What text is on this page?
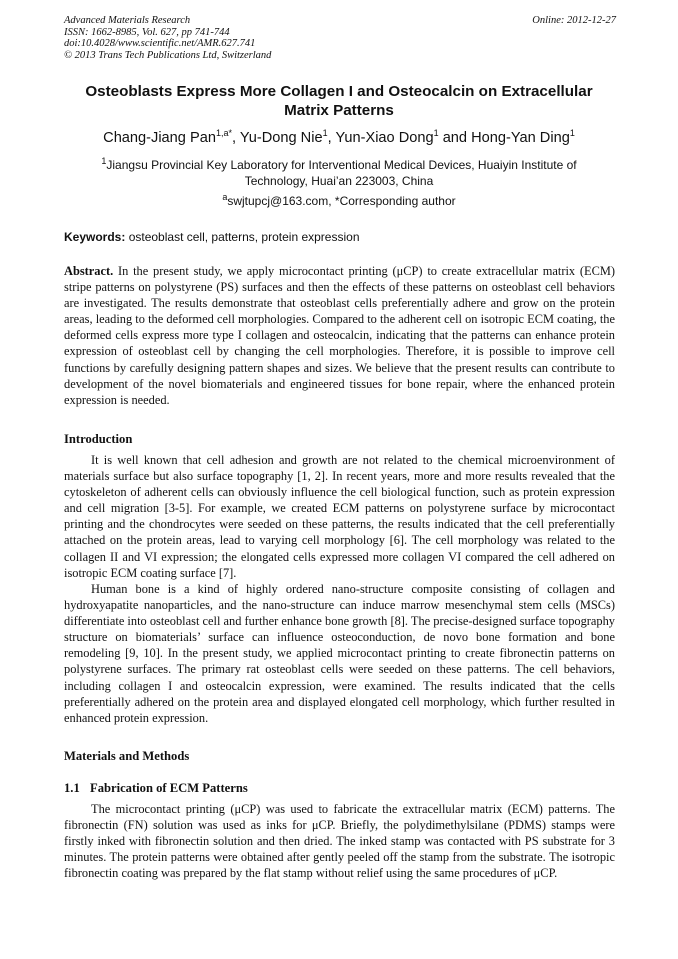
Advanced Materials Research
ISSN: 1662-8985, Vol. 627, pp 741-744
doi:10.4028/www.scientific.net/AMR.627.741
© 2013 Trans Tech Publications Ltd, Switzerland
Online: 2012-12-27
Osteoblasts Express More Collagen I and Osteocalcin on Extracellular
Matrix Patterns
Chang-Jiang Pan$^{1,a*}$, Yu-Dong Nie$^1$, Yun-Xiao Dong$^1$ and Hong-Yan Ding$^1$
$^1$Jiangsu Provincial Key Laboratory for Interventional Medical Devices, Huaiyin Institute of
Technology, Huai’an 223003, China
$^a$swjtupcj@163.com, *Corresponding author
Keywords: osteoblast cell, patterns, protein expression
Abstract. In the present study, we apply microcontact printing (μCP) to create extracellular matrix (ECM) stripe patterns on polystyrene (PS) surfaces and then the effects of these patterns on osteoblast cell behaviors are investigated. The results demonstrate that osteoblast cells preferentially adhere and grow on the protein areas, leading to the deformed cell morphologies. Compared to the adherent cell on isotropic ECM coating, the deformed cells express more type I collagen and osteocalcin, indicating that the patterns can enhance protein expression of osteoblast cell by changing the cell morphologies. Therefore, it is possible to improve cell functions by carefully designing pattern shapes and sizes. We believe that the present results can contribute to development of the novel biomaterials and engineered tissues for bone repair, where the enhanced protein expression is needed.
Introduction
It is well known that cell adhesion and growth are not related to the chemical microenvironment of materials surface but also surface topography [1, 2]. In recent years, more and more results revealed that the cytoskeleton of adherent cells can obviously influence the cell biological function, such as protein expression and cell migration [3-5]. For example, we created ECM patterns on polystyrene surface by microcontact printing and the chondrocytes were seeded on these patterns, the results indicated that the cell preferentially attached on the protein areas, lead to varying cell morphology [6]. The cell morphology was related to the collagen II and VI expression; the elongated cells expressed more collagen VI compared the cell adhered on isotropic ECM coating surface [7].
Human bone is a kind of highly ordered nano-structure composite consisting of collagen and hydroxyapatite nanoparticles, and the nano-structure can induce marrow mesenchymal stem cells (MSCs) differentiate into osteoblast cell and further enhance bone growth [8]. The precise-designed surface topography structure on biomaterials’ surface can influence osteoconduction, de novo bone formation and bone remodeling [9, 10]. In the present study, we applied microcontact printing to create fibronectin patterns on polystyrene surfaces. The primary rat osteoblast cells were seeded on these patterns. The cell behaviors, including collagen I and osteocalcin expression, were examined. The results indicated that the cells preferentially adhered on the protein area and displayed elongated cell morphology, which further resulted in enhanced protein expression.
Materials and Methods
1.1 Fabrication of ECM Patterns
The microcontact printing (μCP) was used to fabricate the extracellular matrix (ECM) patterns. The fibronectin (FN) solution was used as inks for μCP. Briefly, the polydimethylsilane (PDMS) stamps were firstly inked with fibronectin solution and then dried. The inked stamp was contacted with PS substrate for 3 minutes. The protein patterns were obtained after gently peeled off the stamp from the substrate. The isotropic fibronectin coating was prepared by the flat stamp without relief using the same procedures of μCP.
